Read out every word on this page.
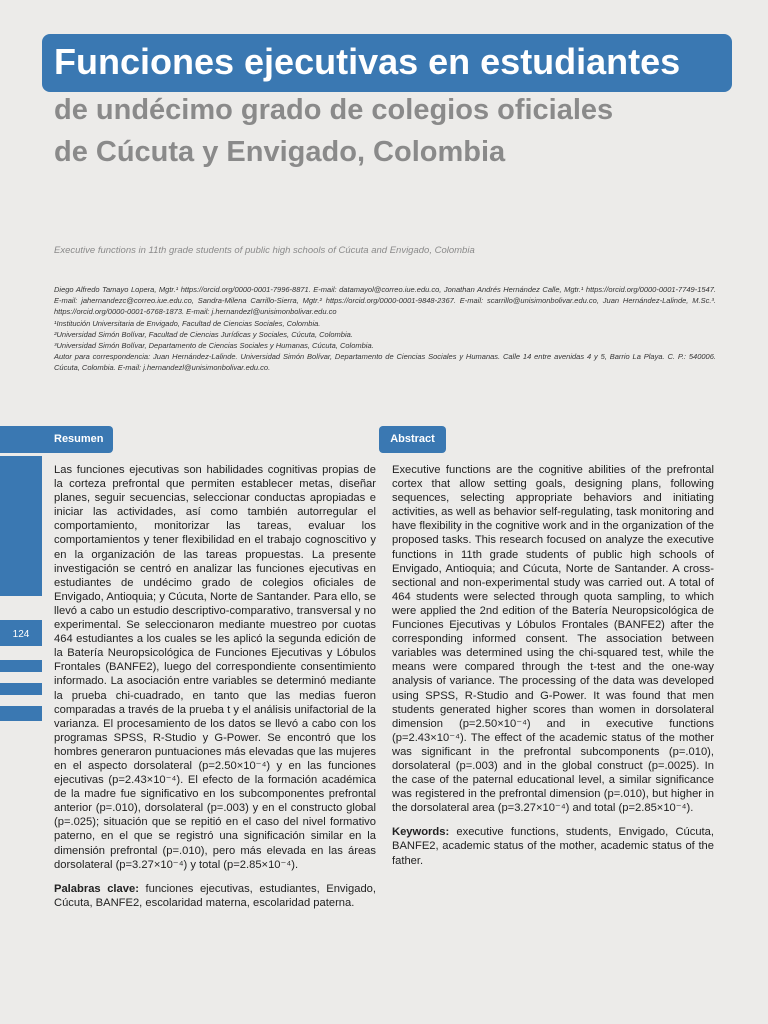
Funciones ejecutivas en estudiantes
de undécimo grado de colegios oficiales
de Cúcuta y Envigado, Colombia
Executive functions in 11th grade students of public high schools of Cúcuta and Envigado, Colombia

Diego Alfredo Tamayo Lopera, Mgtr.¹ https://orcid.org/0000-0001-7996-8871. E-mail: datamayol@correo.iue.edu.co, Jonathan Andrés Hernández Calle, Mgtr.¹ https://orcid.org/0000-0001-7749-1547. E-mail: jahernandezc@correo.iue.edu.co, Sandra-Milena Carrillo-Sierra, Mgtr.² https://orcid.org/0000-0001-9848-2367. E-mail: scarrillo@unisimonbolivar.edu.co, Juan Hernández-Lalinde, M.Sc.³. https://orcid.org/0000-0001-6768-1873. E-mail: j.hernandezl@unisimonbolivar.edu.co

¹Institución Universitaria de Envigado, Facultad de Ciencias Sociales, Colombia.

²Universidad Simón Bolívar, Facultad de Ciencias Jurídicas y Sociales, Cúcuta, Colombia.

³Universidad Simón Bolívar, Departamento de Ciencias Sociales y Humanas, Cúcuta, Colombia.

Autor para correspondencia: Juan Hernández-Lalinde. Universidad Simón Bolívar, Departamento de Ciencias Sociales y Humanas. Calle 14 entre avenidas 4 y 5, Barrio La Playa. C. P.: 540006. Cúcuta, Colombia. E-mail: j.hernandezl@unisimonbolivar.edu.co.

Resumen	Abstract
124

Las funciones ejecutivas son habilidades cognitivas propias de la corteza prefrontal que permiten establecer metas, diseñar planes, seguir secuencias, seleccionar conductas apropiadas e iniciar las actividades, así como también autorregular el comportamiento, monitorizar las tareas, evaluar los comportamientos y tener flexibilidad en el trabajo cognoscitivo y en la organización de las tareas propuestas. La presente investigación se centró en analizar las funciones ejecutivas en estudiantes de undécimo grado de colegios oficiales de Envigado, Antioquia; y Cúcuta, Norte de Santander. Para ello, se llevó a cabo un estudio descriptivo-comparativo, transversal y no experimental. Se seleccionaron mediante muestreo por cuotas 464 estudiantes a los cuales se les aplicó la segunda edición de la Batería Neuropsicológica de Funciones Ejecutivas y Lóbulos Frontales (BANFE2), luego del correspondiente consentimiento informado. La asociación entre variables se determinó mediante la prueba chi-cuadrado, en tanto que las medias fueron comparadas a través de la prueba t y el análisis unifactorial de la varianza. El procesamiento de los datos se llevó a cabo con los programas SPSS, R-Studio y G-Power. Se encontró que los hombres generaron puntuaciones más elevadas que las mujeres en el aspecto dorsolateral (p=2.50×10⁻⁴) y en las funciones ejecutivas (p=2.43×10⁻⁴). El efecto de la formación académica de la madre fue significativo en los subcomponentes prefrontal anterior (p=.010), dorsolateral (p=.003) y en el constructo global (p=.025); situación que se repitió en el caso del nivel formativo paterno, en el que se registró una significación similar en la dimensión prefrontal (p=.010), pero más elevada en las áreas dorsolateral (p=3.27×10⁻⁴) y total (p=2.85×10⁻⁴).

Palabras clave: funciones ejecutivas, estudiantes, Envigado, Cúcuta, BANFE2, escolaridad materna, escolaridad paterna.

Executive functions are the cognitive abilities of the prefrontal cortex that allow setting goals, designing plans, following sequences, selecting appropriate behaviors and initiating activities, as well as behavior self-regulating, task monitoring and have flexibility in the cognitive work and in the organization of the proposed tasks. This research focused on analyze the executive functions in 11th grade students of public high schools of Envigado, Antioquia; and Cúcuta, Norte de Santander. A cross-sectional and non-experimental study was carried out. A total of 464 students were selected through quota sampling, to which were applied the 2nd edition of the Batería Neuropsicológica de Funciones Ejecutivas y Lóbulos Frontales (BANFE2) after the corresponding informed consent. The association between variables was determined using the chi-squared test, while the means were compared through the t-test and the one-way analysis of variance. The processing of the data was developed using SPSS, R-Studio and G-Power. It was found that men students generated higher scores than women in dorsolateral dimension (p=2.50×10⁻⁴) and in executive functions (p=2.43×10⁻⁴). The effect of the academic status of the mother was significant in the prefrontal subcomponents (p=.010), dorsolateral (p=.003) and in the global construct (p=.0025). In the case of the paternal educational level, a similar significance was registered in the prefrontal dimension (p=.010), but higher in the dorsolateral area (p=3.27×10⁻⁴) and total (p=2.85×10⁻⁴).

Keywords: executive functions, students, Envigado, Cúcuta, BANFE2, academic status of the mother, academic status of the father.
